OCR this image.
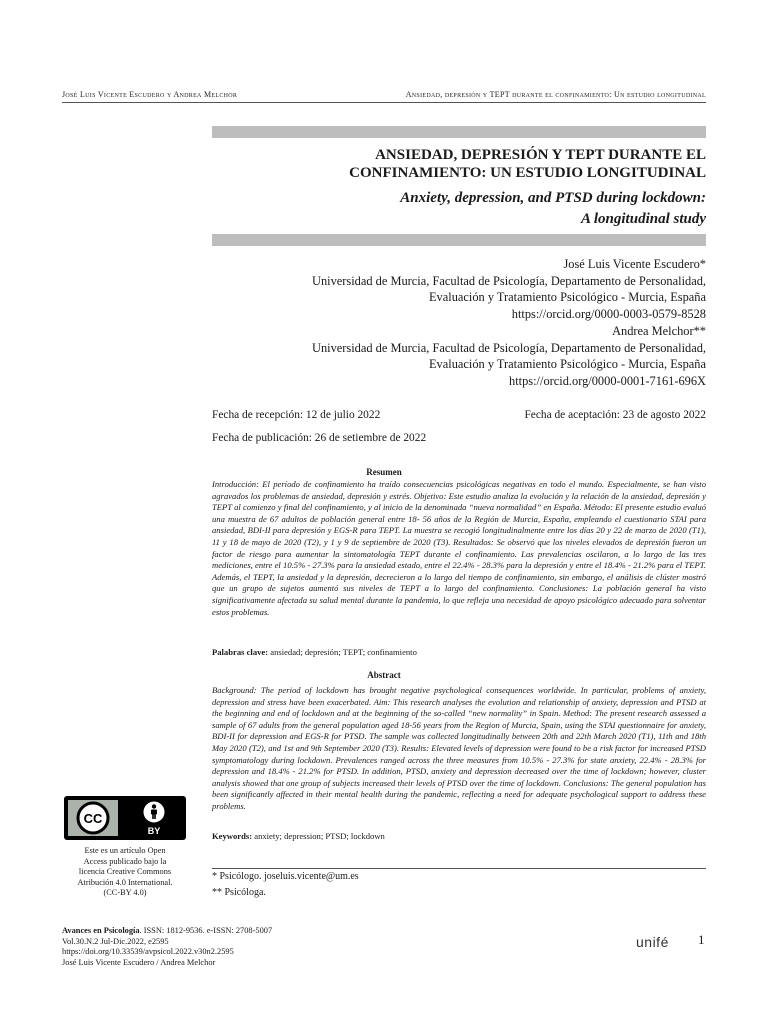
José Luis Vicente Escudero y Andrea Melchor	Ansiedad, depresión y TEPT durante el confinamiento: Un estudio longitudinal
ANSIEDAD, DEPRESIÓN Y TEPT DURANTE EL
CONFINAMIENTO: UN ESTUDIO LONGITUDINAL
Anxiety, depression, and PTSD during lockdown:
A longitudinal study
José Luis Vicente Escudero*
Universidad de Murcia, Facultad de Psicología, Departamento de Personalidad,
Evaluación y Tratamiento Psicológico - Murcia, España
https://orcid.org/0000-0003-0579-8528
Andrea Melchor**
Universidad de Murcia, Facultad de Psicología, Departamento de Personalidad,
Evaluación y Tratamiento Psicológico - Murcia, España
https://orcid.org/0000-0001-7161-696X
Fecha de recepción: 12 de julio 2022	Fecha de aceptación: 23 de agosto 2022
Fecha de publicación: 26 de setiembre de 2022
Resumen
Introducción: El período de confinamiento ha traído consecuencias psicológicas negativas en todo el mundo. Especialmente, se han visto agravados los problemas de ansiedad, depresión y estrés. Objetivo: Este estudio analiza la evolución y la relación de la ansiedad, depresión y TEPT al comienzo y final del confinamiento, y al inicio de la denominada “nueva normalidad” en España. Método: El presente estudio evaluó una muestra de 67 adultos de población general entre 18- 56 años de la Región de Murcia, España, empleando el cuestionario STAI para ansiedad, BDI-II para depresión y EGS-R para TEPT. La muestra se recogió longitudinalmente entre los días 20 y 22 de marzo de 2020 (T1), 11 y 18 de mayo de 2020 (T2), y 1 y 9 de septiembre de 2020 (T3). Resultados: Se observó que los niveles elevados de depresión fueron un factor de riesgo para aumentar la sintomatología TEPT durante el confinamiento. Las prevalencias oscilaron, a lo largo de las tres mediciones, entre el 10.5% - 27.3% para la ansiedad estado, entre el 22.4% - 28.3% para la depresión y entre el 18.4% - 21.2% para el TEPT. Además, el TEPT, la ansiedad y la depresión, decrecieron a lo largo del tiempo de confinamiento, sin embargo, el análisis de clúster mostró que un grupo de sujetos aumentó sus niveles de TEPT a lo largo del confinamiento. Conclusiones: La población general ha visto significativamente afectada su salud mental durante la pandemia, lo que refleja una necesidad de apoyo psicológico adecuado para solventar estos problemas.
Palabras clave: ansiedad; depresión; TEPT; confinamiento
Abstract
Background: The period of lockdown has brought negative psychological consequences worldwide. In particular, problems of anxiety, depression and stress have been exacerbated. Aim: This research analyses the evolution and relationship of anxiety, depression and PTSD at the beginning and end of lockdown and at the beginning of the so-called “new normality” in Spain. Method: The present research assessed a sample of 67 adults from the general population aged 18-56 years from the Region of Murcia, Spain, using the STAI questionnaire for anxiety, BDI-II for depression and EGS-R for PTSD. The sample was collected longitudinally between 20th and 22th March 2020 (T1), 11th and 18th May 2020 (T2), and 1st and 9th September 2020 (T3). Results: Elevated levels of depression were found to be a risk factor for increased PTSD symptomatology during lockdown. Prevalences ranged across the three measures from 10.5% - 27.3% for state anxiety, 22.4% - 28.3% for depression and 18.4% - 21.2% for PTSD. In addition, PTSD, anxiety and depression decreased over the time of lockdown; however, cluster analysis showed that one group of subjects increased their levels of PTSD over the time of lockdown. Conclusions: The general population has been significantly affected in their mental health during the pandemic, reflecting a need for adequate psychological support to address these problems.
Keywords: anxiety; depression; PTSD; lockdown
CC
BY
Este es un artículo Open
Access publicado bajo la
licencia Creative Commons
Atribución 4.0 International.
(CC-BY 4.0)
* Psicólogo. joseluis.vicente@um.es
** Psicóloga.
Avances en Psicología. ISSN: 1812-9536. e-ISSN: 2708-5007
Vol.30.N.2 Jul-Dic.2022, e2595
https://doi.org/10.33539/avpsicol.2022.v30n2.2595
José Luis Vicente Escudero / Andrea Melchor
unifé 1
